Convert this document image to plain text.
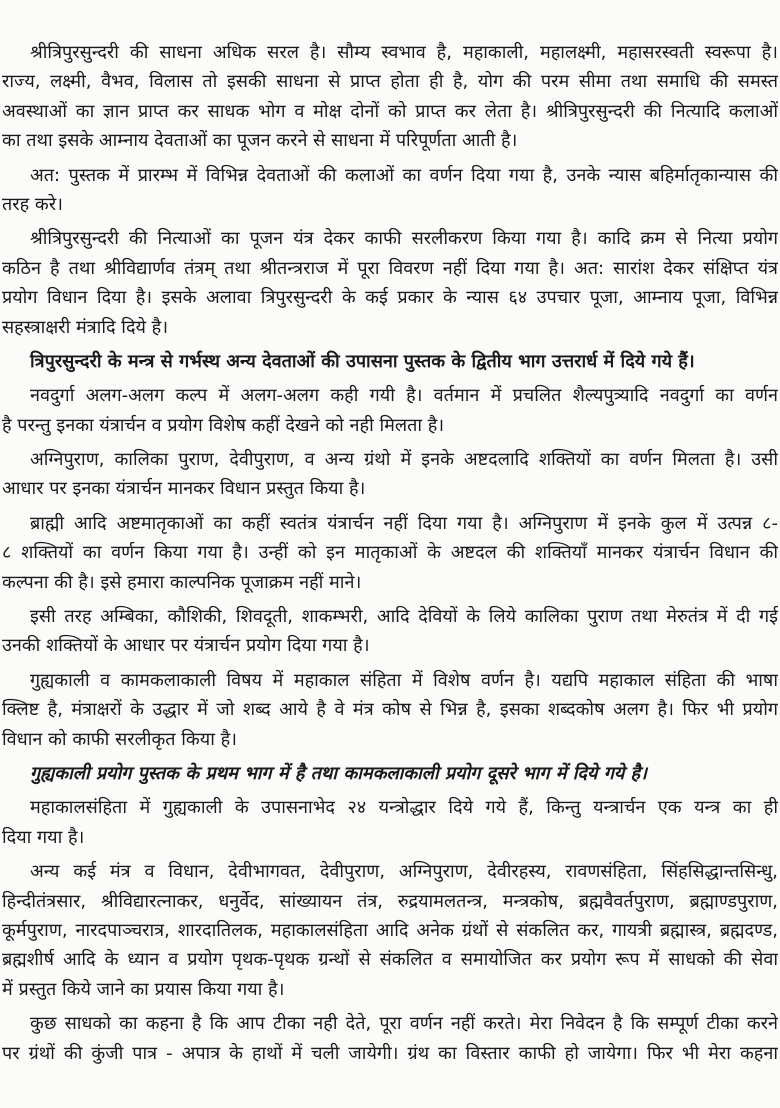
श्रीत्रिपुरसुन्दरी की साधना अधिक सरल है। सौम्य स्वभाव है, महाकाली, महालक्ष्मी, महासरस्वती स्वरूपा है।
राज्य, लक्ष्मी, वैभव, विलास तो इसकी साधना से प्राप्त होता ही है, योग की परम सीमा तथा समाधि की समस्त
अवस्थाओं का ज्ञान प्राप्त कर साधक भोग व मोक्ष दोनों को प्राप्त कर लेता है। श्रीत्रिपुरसुन्दरी की नित्यादि कलाओं
का तथा इसके आम्नाय देवताओं का पूजन करने से साधना में परिपूर्णता आती है।
अत: पुस्तक में प्रारम्भ में विभिन्न देवताओं की कलाओं का वर्णन दिया गया है, उनके न्यास बहिर्मातृकान्यास की
तरह करे।
श्रीत्रिपुरसुन्दरी की नित्याओं का पूजन यंत्र देकर काफी सरलीकरण किया गया है। कादि क्रम से नित्या प्रयोग
कठिन है तथा श्रीविद्यार्णव तंत्रम् तथा श्रीतन्त्रराज में पूरा विवरण नहीं दिया गया है। अत: सारांश देकर संक्षिप्त यंत्र
प्रयोग विधान दिया है। इसके अलावा त्रिपुरसुन्दरी के कई प्रकार के न्यास ६४ उपचार पूजा, आम्नाय पूजा, विभिन्न
सहस्त्राक्षरी मंत्रादि दिये है।
त्रिपुरसुन्दरी के मन्त्र से गर्भस्थ अन्य देवताओं की उपासना पुस्तक के द्वितीय भाग उत्तरार्ध में दिये गये हैं।
नवदुर्गा अलग-अलग कल्प में अलग-अलग कही गयी है। वर्तमान में प्रचलित शैल्यपुत्र्यादि नवदुर्गा का वर्णन
है परन्तु इनका यंत्रार्चन व प्रयोग विशेष कहीं देखने को नही मिलता है।
अग्निपुराण, कालिका पुराण, देवीपुराण, व अन्य ग्रंथो में इनके अष्टदलादि शक्तियों का वर्णन मिलता है। उसी
आधार पर इनका यंत्रार्चन मानकर विधान प्रस्तुत किया है।
ब्राह्मी आदि अष्टमातृकाओं का कहीं स्वतंत्र यंत्रार्चन नहीं दिया गया है। अग्निपुराण में इनके कुल में उत्पन्न ८-
८ शक्तियों का वर्णन किया गया है। उन्हीं को इन मातृकाओं के अष्टदल की शक्तियाँ मानकर यंत्रार्चन विधान की
कल्पना की है। इसे हमारा काल्पनिक पूजाक्रम नहीं माने।
इसी तरह अम्बिका, कौशिकी, शिवदूती, शाकम्भरी, आदि देवियों के लिये कालिका पुराण तथा मेरुतंत्र में दी गई
उनकी शक्तियों के आधार पर यंत्रार्चन प्रयोग दिया गया है।
गुह्यकाली व कामकलाकाली विषय में महाकाल संहिता में विशेष वर्णन है। यद्यपि महाकाल संहिता की भाषा
क्लिष्ट है, मंत्राक्षरों के उद्धार में जो शब्द आये है वे मंत्र कोष से भिन्न है, इसका शब्दकोष अलग है। फिर भी प्रयोग
विधान को काफी सरलीकृत किया है।
गुह्यकाली प्रयोग पुस्तक के प्रथम भाग में है तथा कामकलाकाली प्रयोग दूसरे भाग में दिये गये है।
महाकालसंहिता में गुह्यकाली के उपासनाभेद २४ यन्त्रोद्धार दिये गये हैं, किन्तु यन्त्रार्चन एक यन्त्र का ही
दिया गया है।
अन्य कई मंत्र व विधान, देवीभागवत, देवीपुराण, अग्निपुराण, देवीरहस्य, रावणसंहिता, सिंहसिद्धान्तसिन्धु,
हिन्दीतंत्रसार, श्रीविद्यारत्नाकर, धनुर्वेद, सांख्यायन तंत्र, रुद्रयामलतन्त्र, मन्त्रकोष, ब्रह्मवैवर्तपुराण, ब्रह्माण्डपुराण,
कूर्मपुराण, नारदपाञ्चरात्र, शारदातिलक, महाकालसंहिता आदि अनेक ग्रंथों से संकलित कर, गायत्री ब्रह्मास्त्र, ब्रह्मदण्ड,
ब्रह्मशीर्ष आदि के ध्यान व प्रयोग पृथक-पृथक ग्रन्थों से संकलित व समायोजित कर प्रयोग रूप में साधको की सेवा
में प्रस्तुत किये जाने का प्रयास किया गया है।
कुछ साधको का कहना है कि आप टीका नही देते, पूरा वर्णन नहीं करते। मेरा निवेदन है कि सम्पूर्ण टीका करने
पर ग्रंथों की कुंजी पात्र - अपात्र के हाथों में चली जायेगी। ग्रंथ का विस्तार काफी हो जायेगा। फिर भी मेरा कहना
